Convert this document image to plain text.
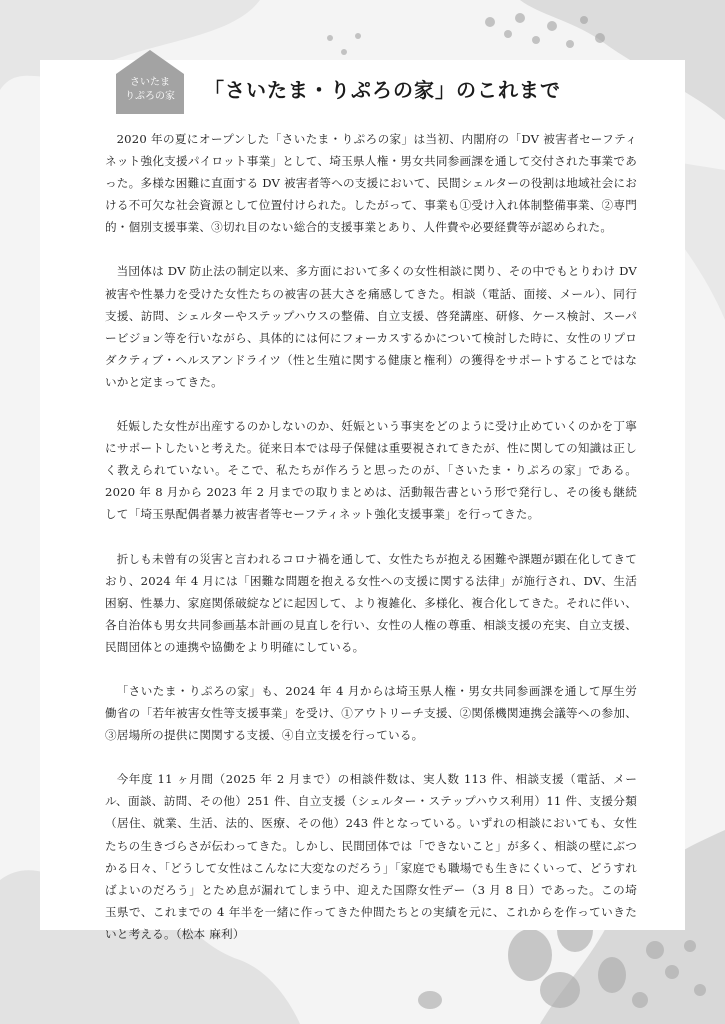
さいたま
りぷろの家	「さいたま・りぷろの家」のこれまで

2020 年の夏にオープンした「さいたま・りぷろの家」は当初、内閣府の「DV 被害者セーフティネット強化支援パイロット事業」として、埼玉県人権・男女共同参画課を通して交付された事業であった。多様な困難に直面する DV 被害者等への支援において、民間シェルターの役割は地域社会における不可欠な社会資源として位置付けられた。したがって、事業も①受け入れ体制整備事業、②専門的・個別支援事業、③切れ目のない総合的支援事業とあり、人件費や必要経費等が認められた。

当団体は DV 防止法の制定以来、多方面において多くの女性相談に関り、その中でもとりわけ DV 被害や性暴力を受けた女性たちの被害の甚大さを痛感してきた。相談（電話、面接、メール）、同行支援、訪問、シェルターやステップハウスの整備、自立支援、啓発講座、研修、ケース検討、スーパービジョン等を行いながら、具体的には何にフォーカスするかについて検討した時に、女性のリプロダクティブ・ヘルスアンドライツ（性と生殖に関する健康と権利）の獲得をサポートすることではないかと定まってきた。

妊娠した女性が出産するのかしないのか、妊娠という事実をどのように受け止めていくのかを丁寧にサポートしたいと考えた。従来日本では母子保健は重要視されてきたが、性に関しての知識は正しく教えられていない。そこで、私たちが作ろうと思ったのが、「さいたま・りぷろの家」である。2020 年 8 月から 2023 年 2 月までの取りまとめは、活動報告書という形で発行し、その後も継続して「埼玉県配偶者暴力被害者等セーフティネット強化支援事業」を行ってきた。

折しも未曾有の災害と言われるコロナ禍を通して、女性たちが抱える困難や課題が顕在化してきており、2024 年 4 月には「困難な問題を抱える女性への支援に関する法律」が施行され、DV、生活困窮、性暴力、家庭関係破綻などに起因して、より複雑化、多様化、複合化してきた。それに伴い、各自治体も男女共同参画基本計画の見直しを行い、女性の人権の尊重、相談支援の充実、自立支援、民間団体との連携や協働をより明確にしている。

「さいたま・りぷろの家」も、2024 年 4 月からは埼玉県人権・男女共同参画課を通して厚生労働省の「若年被害女性等支援事業」を受け、①アウトリーチ支援、②関係機関連携会議等への参加、③居場所の提供に関関する支援、④自立支援を行っている。

今年度 11 ヶ月間（2025 年 2 月まで）の相談件数は、実人数 113 件、相談支援（電話、メール、面談、訪問、その他）251 件、自立支援（シェルター・ステップハウス利用）11 件、支援分類（居住、就業、生活、法的、医療、その他）243 件となっている。いずれの相談においても、女性たちの生きづらさが伝わってきた。しかし、民間団体では「できないこと」が多く、相談の壁にぶつかる日々、「どうして女性はこんなに大変なのだろう」「家庭でも職場でも生きにくいって、どうすればよいのだろう」とため息が漏れてしまう中、迎えた国際女性デー（3 月 8 日）であった。この埼玉県で、これまでの 4 年半を一緒に作ってきた仲間たちとの実績を元に、これからを作っていきたいと考える。（松本 麻利）
